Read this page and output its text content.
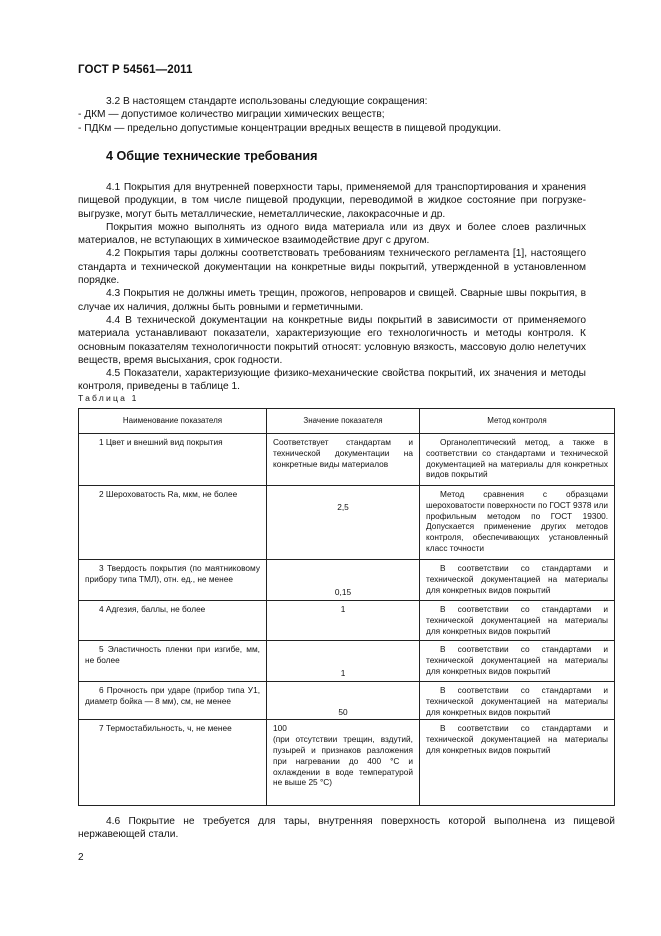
ГОСТ Р 54561—2011

3.2 В настоящем стандарте использованы следующие сокращения:

- ДКМ — допустимое количество миграции химических веществ;

- ПДКм — предельно допустимые концентрации вредных веществ в пищевой продукции.

4 Общие технические требования

4.1 Покрытия для внутренней поверхности тары, применяемой для транспортирования и хранения пищевой продукции, в том числе пищевой продукции, переводимой в жидкое состояние при погрузке-выгрузке, могут быть металлические, неметаллические, лакокрасочные и др.

Покрытия можно выполнять из одного вида материала или из двух и более слоев различных материалов, не вступающих в химическое взаимодействие друг с другом.

4.2 Покрытия тары должны соответствовать требованиям технического регламента [1], настоящего стандарта и технической документации на конкретные виды покрытий, утвержденной в установленном порядке.

4.3 Покрытия не должны иметь трещин, прожогов, непроваров и свищей. Сварные швы покрытия, в случае их наличия, должны быть ровными и герметичными.

4.4 В технической документации на конкретные виды покрытий в зависимости от применяемого материала устанавливают показатели, характеризующие его технологичность и методы контроля. К основным показателям технологичности покрытий относят: условную вязкость, массовую долю нелетучих веществ, время высыхания, срок годности.

4.5 Показатели, характеризующие физико-механические свойства покрытий, их значения и методы контроля, приведены в таблице 1.

Таблица 1
Наименование показателя	Значение показателя	Метод контроля
1 Цвет и внешний вид покрытия	Соответствует стандартам и технической документации на конкретные виды материалов	Органолептический метод, а также в соответствии со стандартами и технической документацией на материалы для конкретных видов покрытий
2 Шероховатость Ra, мкм, не более	2,5	Метод сравнения с образцами шероховатости поверхности по ГОСТ 9378 или профильным методом по ГОСТ 19300. Допускается применение других методов контроля, обеспечивающих установленный класс точности
3 Твердость покрытия (по маятниковому прибору типа ТМЛ), отн. ед., не менее	0,15	В соответствии со стандартами и технической документацией на материалы для конкретных видов покрытий
4 Адгезия, баллы, не более	1	В соответствии со стандартами и технической документацией на материалы для конкретных видов покрытий
5 Эластичность пленки при изгибе, мм, не более	1	В соответствии со стандартами и технической документацией на материалы для конкретных видов покрытий
6 Прочность при ударе (прибор типа У1, диаметр бойка — 8 мм), см, не менее	50	В соответствии со стандартами и технической документацией на материалы для конкретных видов покрытий
7 Термостабильность, ч, не менее	100
(при отсутствии трещин, вздутий, пузырей и признаков разложения при нагревании до 400 °С и охлаждении в воде температурой не выше 25 °С)	В соответствии со стандартами и технической документацией на материалы для конкретных видов покрытий

4.6 Покрытие не требуется для тары, внутренняя поверхность которой выполнена из пищевой нержавеющей стали.

2
